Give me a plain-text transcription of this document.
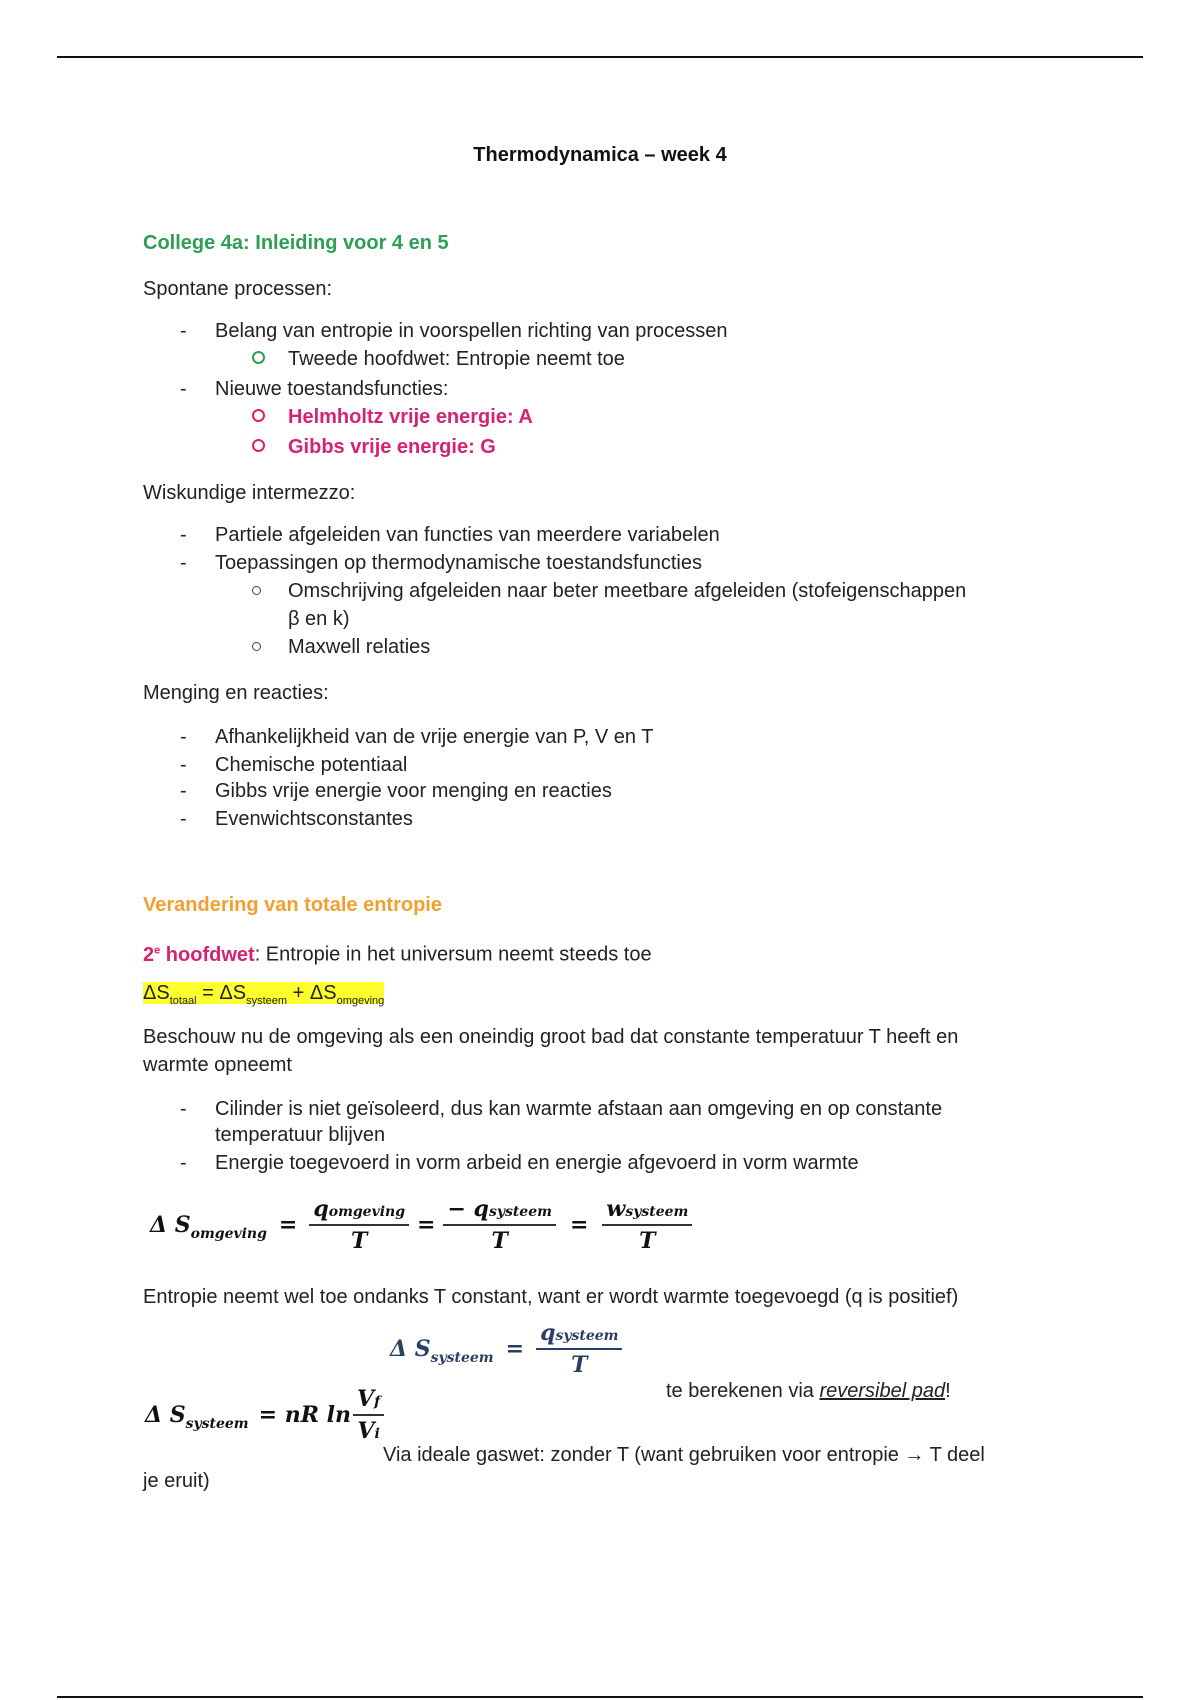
Thermodynamica – week 4
College 4a: Inleiding voor 4 en 5
Spontane processen:
- Belang van entropie in voorspellen richting van processen
Tweede hoofdwet: Entropie neemt toe
- Nieuwe toestandsfuncties:
Helmholtz vrije energie: A
Gibbs vrije energie: G
Wiskundige intermezzo:
- Partiele afgeleiden van functies van meerdere variabelen
- Toepassingen op thermodynamische toestandsfuncties
Omschrijving afgeleiden naar beter meetbare afgeleiden (stofeigenschappen
β en k)
Maxwell relaties
Menging en reacties:
- Afhankelijkheid van de vrije energie van P, V en T
- Chemische potentiaal
- Gibbs vrije energie voor menging en reacties
- Evenwichtsconstantes
Verandering van totale entropie
2e hoofdwet: Entropie in het universum neemt steeds toe
$\Delta S_{totaal} = \Delta S_{systeem} + \Delta S_{omgeving}$
Beschouw nu de omgeving als een oneindig groot bad dat constante temperatuur T heeft en
warmte opneemt
- Cilinder is niet geïsoleerd, dus kan warmte afstaan aan omgeving en op constante
temperatuur blijven
- Energie toegevoerd in vorm arbeid en energie afgevoerd in vorm warmte
Δ S omgeving = $\frac{\text{qomgeving}}{T} = \frac{\text{− qsysteem}}{T} = \frac{\text{wsysteem}}{T}$
Entropie neemt wel toe ondanks T constant, want er wordt warmte toegevoegd (q is positief)
Δ S systeem = $\frac{\text{qsysteem}}{T}$
te berekenen via reversibel pad!
Δ S systeem = nR $\ln \frac{Vf}{Vi}$
Via ideale gaswet: zonder T (want gebruiken voor entropie → T deel
je eruit)
